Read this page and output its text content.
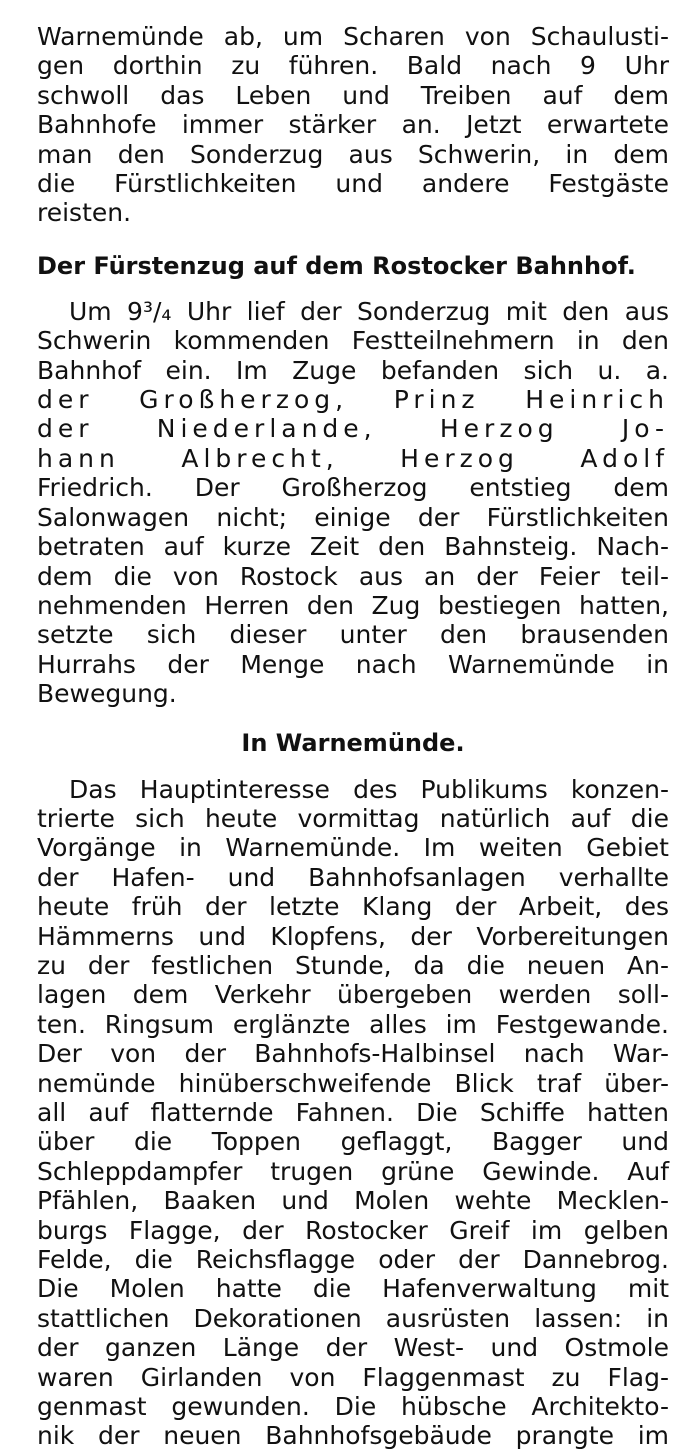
Warnemünde ab, um Scharen von Schaulusti-
gen dorthin zu führen. Bald nach 9 Uhr
schwoll das Leben und Treiben auf dem
Bahnhofe immer stärker an. Jetzt erwartete
man den Sonderzug aus Schwerin, in dem
die Fürstlichkeiten und andere Festgäste
reisten.
Der Fürstenzug auf dem Rostocker Bahnhof.
Um 9³/₄ Uhr lief der Sonderzug mit den aus
Schwerin kommenden Festteilnehmern in den
Bahnhof ein. Im Zuge befanden sich u. a.
der Großherzog, Prinz Heinrich
der Niederlande, Herzog Jo-
hann Albrecht, Herzog Adolf
Friedrich. Der Großherzog entstieg dem
Salonwagen nicht; einige der Fürstlichkeiten
betraten auf kurze Zeit den Bahnsteig. Nach-
dem die von Rostock aus an der Feier teil-
nehmenden Herren den Zug bestiegen hatten,
setzte sich dieser unter den brausenden
Hurrahs der Menge nach Warnemünde in
Bewegung.
In Warnemünde.
Das Hauptinteresse des Publikums konzen-
trierte sich heute vormittag natürlich auf die
Vorgänge in Warnemünde. Im weiten Gebiet
der Hafen- und Bahnhofsanlagen verhallte
heute früh der letzte Klang der Arbeit, des
Hämmerns und Klopfens, der Vorbereitungen
zu der festlichen Stunde, da die neuen An-
lagen dem Verkehr übergeben werden soll-
ten. Ringsum erglänzte alles im Festgewande.
Der von der Bahnhofs-Halbinsel nach War-
nemünde hinüberschweifende Blick traf über-
all auf flatternde Fahnen. Die Schiffe hatten
über die Toppen geflaggt, Bagger und
Schleppdampfer trugen grüne Gewinde. Auf
Pfählen, Baaken und Molen wehte Mecklen-
burgs Flagge, der Rostocker Greif im gelben
Felde, die Reichsflagge oder der Dannebrog.
Die Molen hatte die Hafenverwaltung mit
stattlichen Dekorationen ausrüsten lassen: in
der ganzen Länge der West- und Ostmole
waren Girlanden von Flaggenmast zu Flag-
genmast gewunden. Die hübsche Architekto-
nik der neuen Bahnhofsgebäude prangte im
